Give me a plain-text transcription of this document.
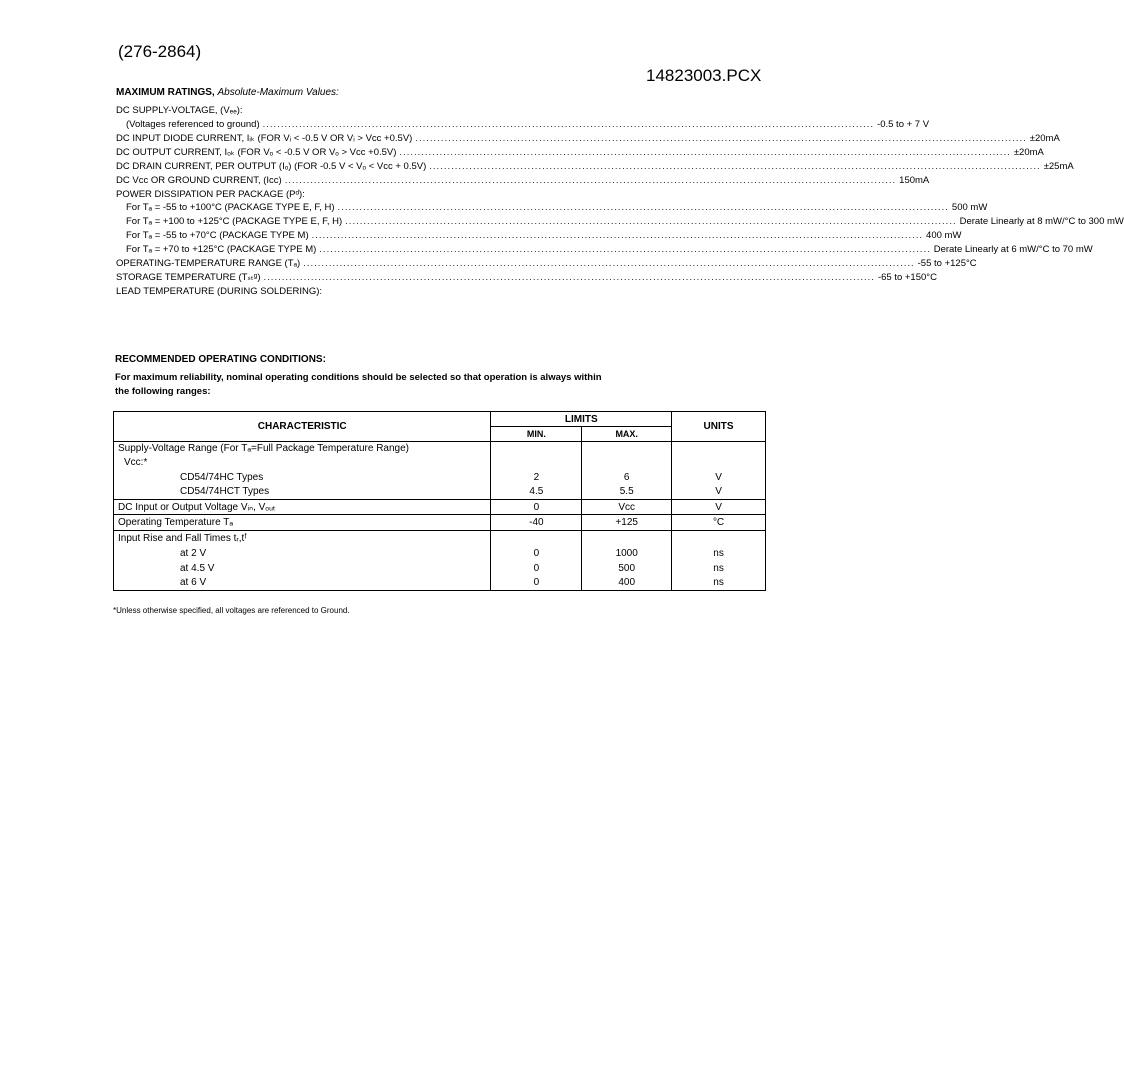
(276-2864)
14823003.PCX
MAXIMUM RATINGS, Absolute-Maximum Values:
DC SUPPLY-VOLTAGE, (Vₑₑ):
(Voltages referenced to ground) ........................................................................................................................................................................ -0.5 to + 7 V
DC INPUT DIODE CURRENT, Iᵢₖ (FOR Vᵢ < -0.5 V OR Vᵢ > Vcc +0.5V) ........................................................................................................................................................................ ±20mA
DC OUTPUT CURRENT, Iₒₖ (FOR Vₒ < -0.5 V OR Vₒ > Vcc +0.5V) ........................................................................................................................................................................ ±20mA
DC DRAIN CURRENT, PER OUTPUT (Iₒ) (FOR -0.5 V < Vₒ < Vcc + 0.5V) ........................................................................................................................................................................ ±25mA
DC Vcc OR GROUND CURRENT, (Icc) ........................................................................................................................................................................ 150mA
POWER DISSIPATION PER PACKAGE (Pᵈ):
For Tₐ = -55 to +100°C (PACKAGE TYPE E, F, H) ........................................................................................................................................................................ 500 mW
For Tₐ = +100 to +125°C (PACKAGE TYPE E, F, H) ........................................................................................................................................................................ Derate Linearly at 8 mW/°C to 300 mW
For Tₐ = -55 to +70°C (PACKAGE TYPE M) ........................................................................................................................................................................ 400 mW
For Tₐ = +70 to +125°C (PACKAGE TYPE M) ........................................................................................................................................................................ Derate Linearly at 6 mW/°C to 70 mW
OPERATING-TEMPERATURE RANGE (Tₐ) ........................................................................................................................................................................ -55 to +125°C
STORAGE TEMPERATURE (Tₛₜᵍ) ........................................................................................................................................................................ -65 to +150°C
LEAD TEMPERATURE (DURING SOLDERING):
RECOMMENDED OPERATING CONDITIONS:
For maximum reliability, nominal operating conditions should be selected so that operation is always within
the following ranges:
CHARACTERISTIC	LIMITS		UNITS
	MIN.	MAX.	
Supply-Voltage Range (For Tₐ=Full Package Temperature Range)			
Vcc:*			
CD54/74HC Types	2	6	V
CD54/74HCT Types	4.5	5.5	V
DC Input or Output Voltage Vᵢₙ, Vₒᵤₜ	0	Vcc	V
Operating Temperature Tₐ	-40	+125	°C
Input Rise and Fall Times tᵣ,tᶠ			
at 2 V	0	1000	ns
at 4.5 V	0	500	ns
at 6 V	0	400	ns
*Unless otherwise specified, all voltages are referenced to Ground.
